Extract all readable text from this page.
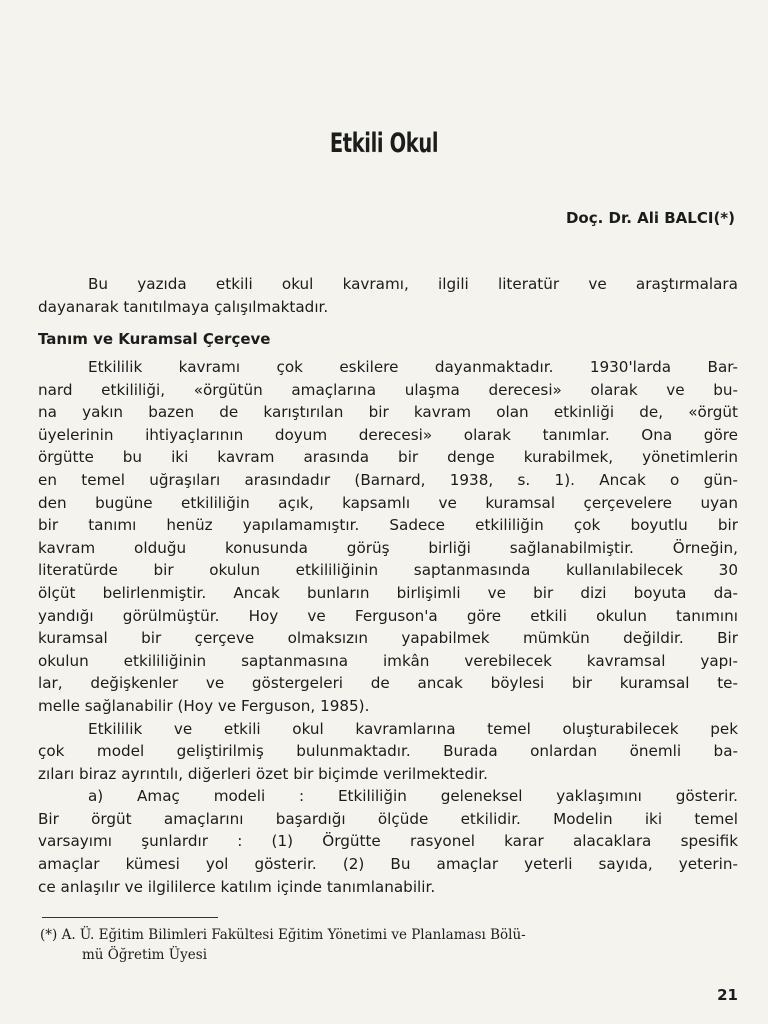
Etkili Okul
Doç. Dr. Ali BALCI(*)
Bu yazıda etkili okul kavramı, ilgili literatür ve araştırmalara
dayanarak tanıtılmaya çalışılmaktadır.
Tanım ve Kuramsal Çerçeve
Etkililik kavramı çok eskilere dayanmaktadır. 1930'larda Bar-
nard etkililiği, «örgütün amaçlarına ulaşma derecesi» olarak ve bu-
na yakın bazen de karıştırılan bir kavram olan etkinliği de, «örgüt
üyelerinin ihtiyaçlarının doyum derecesi» olarak tanımlar. Ona göre
örgütte bu iki kavram arasında bir denge kurabilmek, yönetimlerin
en temel uğraşıları arasındadır (Barnard, 1938, s. 1). Ancak o gün-
den bugüne etkililiğin açık, kapsamlı ve kuramsal çerçevelere uyan
bir tanımı henüz yapılamamıştır. Sadece etkililiğin çok boyutlu bir
kavram olduğu konusunda görüş birliği sağlanabilmiştir. Örneğin,
literatürde bir okulun etkililiğinin saptanmasında kullanılabilecek 30
ölçüt belirlenmiştir. Ancak bunların birlişimli ve bir dizi boyuta da-
yandığı görülmüştür. Hoy ve Ferguson'a göre etkili okulun tanımını
kuramsal bir çerçeve olmaksızın yapabilmek mümkün değildir. Bir
okulun etkililiğinin saptanmasına imkân verebilecek kavramsal yapı-
lar, değişkenler ve göstergeleri de ancak böylesi bir kuramsal te-
melle sağlanabilir (Hoy ve Ferguson, 1985).
Etkililik ve etkili okul kavramlarına temel oluşturabilecek pek
çok model geliştirilmiş bulunmaktadır. Burada onlardan önemli ba-
zıları biraz ayrıntılı, diğerleri özet bir biçimde verilmektedir.
a) Amaç modeli : Etkililiğin geleneksel yaklaşımını gösterir.
Bir örgüt amaçlarını başardığı ölçüde etkilidir. Modelin iki temel
varsayımı şunlardır : (1) Örgütte rasyonel karar alacaklara spesifik
amaçlar kümesi yol gösterir. (2) Bu amaçlar yeterli sayıda, yeterin-
ce anlaşılır ve ilgililerce katılım içinde tanımlanabilir.
(*) A. Ü. Eğitim Bilimleri Fakültesi Eğitim Yönetimi ve Planlaması Bölü-
mü Öğretim Üyesi
21
